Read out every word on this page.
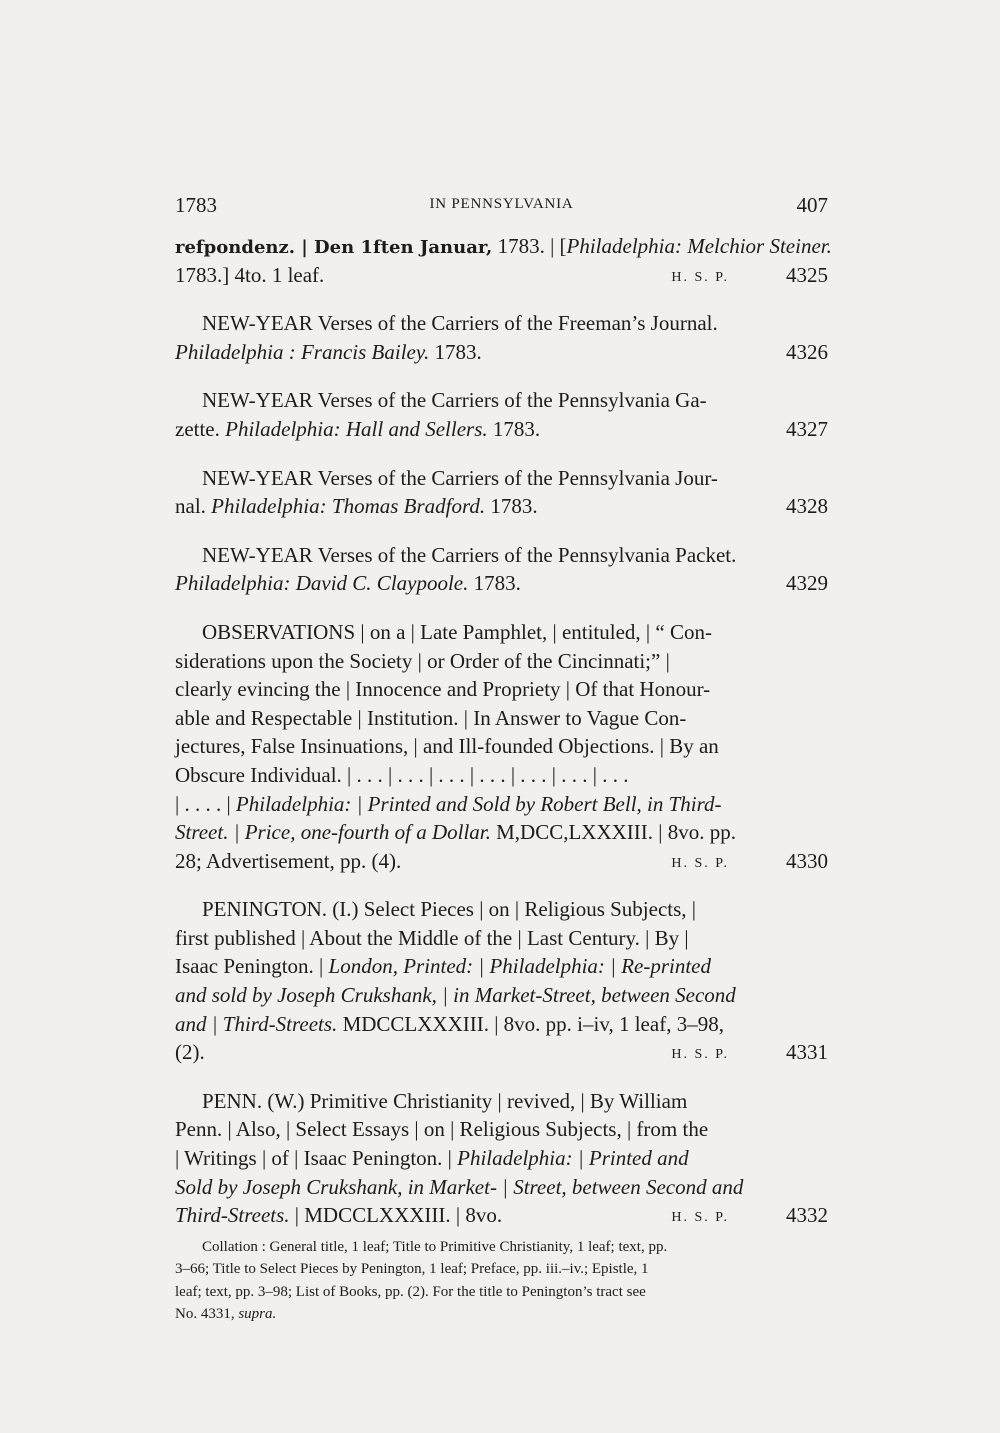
1783	IN PENNSYLVANIA	407
refpondenz. | Den 1ften Januar, 1783. | [Philadelphia: Melchior Steiner.
1783.] 4to. 1 leaf.	H. S. P.	4325
NEW-YEAR Verses of the Carriers of the Freeman’s Journal.
Philadelphia : Francis Bailey. 1783.	4326
NEW-YEAR Verses of the Carriers of the Pennsylvania Ga-
zette. Philadelphia: Hall and Sellers. 1783.	4327
NEW-YEAR Verses of the Carriers of the Pennsylvania Jour-
nal. Philadelphia: Thomas Bradford. 1783.	4328
NEW-YEAR Verses of the Carriers of the Pennsylvania Packet.
Philadelphia: David C. Claypoole. 1783.	4329
OBSERVATIONS | on a | Late Pamphlet, | entituled, | “ Con-
siderations upon the Society | or Order of the Cincinnati;” |
clearly evincing the | Innocence and Propriety | Of that Honour-
able and Respectable | Institution. | In Answer to Vague Con-
jectures, False Insinuations, | and Ill-founded Objections. | By an
Obscure Individual. | . . . | . . . | . . . | . . . | . . . | . . . | . . .
| . . . . | Philadelphia: | Printed and Sold by Robert Bell, in Third-
Street. | Price, one-fourth of a Dollar. M,DCC,LXXXIII. | 8vo. pp.
28; Advertisement, pp. (4).	H. S. P.	4330
PENINGTON. (I.) Select Pieces | on | Religious Subjects, |
first published | About the Middle of the | Last Century. | By |
Isaac Penington. | London, Printed: | Philadelphia: | Re-printed
and sold by Joseph Crukshank, | in Market-Street, between Second
and | Third-Streets. MDCCLXXXIII. | 8vo. pp. i–iv, 1 leaf, 3–98,
(2).	H. S. P.	4331
PENN. (W.) Primitive Christianity | revived, | By William
Penn. | Also, | Select Essays | on | Religious Subjects, | from the
| Writings | of | Isaac Penington. | Philadelphia: | Printed and
Sold by Joseph Crukshank, in Market- | Street, between Second and
Third-Streets. | MDCCLXXXIII. | 8vo.	H. S. P.	4332
Collation : General title, 1 leaf; Title to Primitive Christianity, 1 leaf; text, pp.
3–66; Title to Select Pieces by Penington, 1 leaf; Preface, pp. iii.–iv.; Epistle, 1
leaf; text, pp. 3–98; List of Books, pp. (2). For the title to Penington’s tract see
No. 4331, supra.
